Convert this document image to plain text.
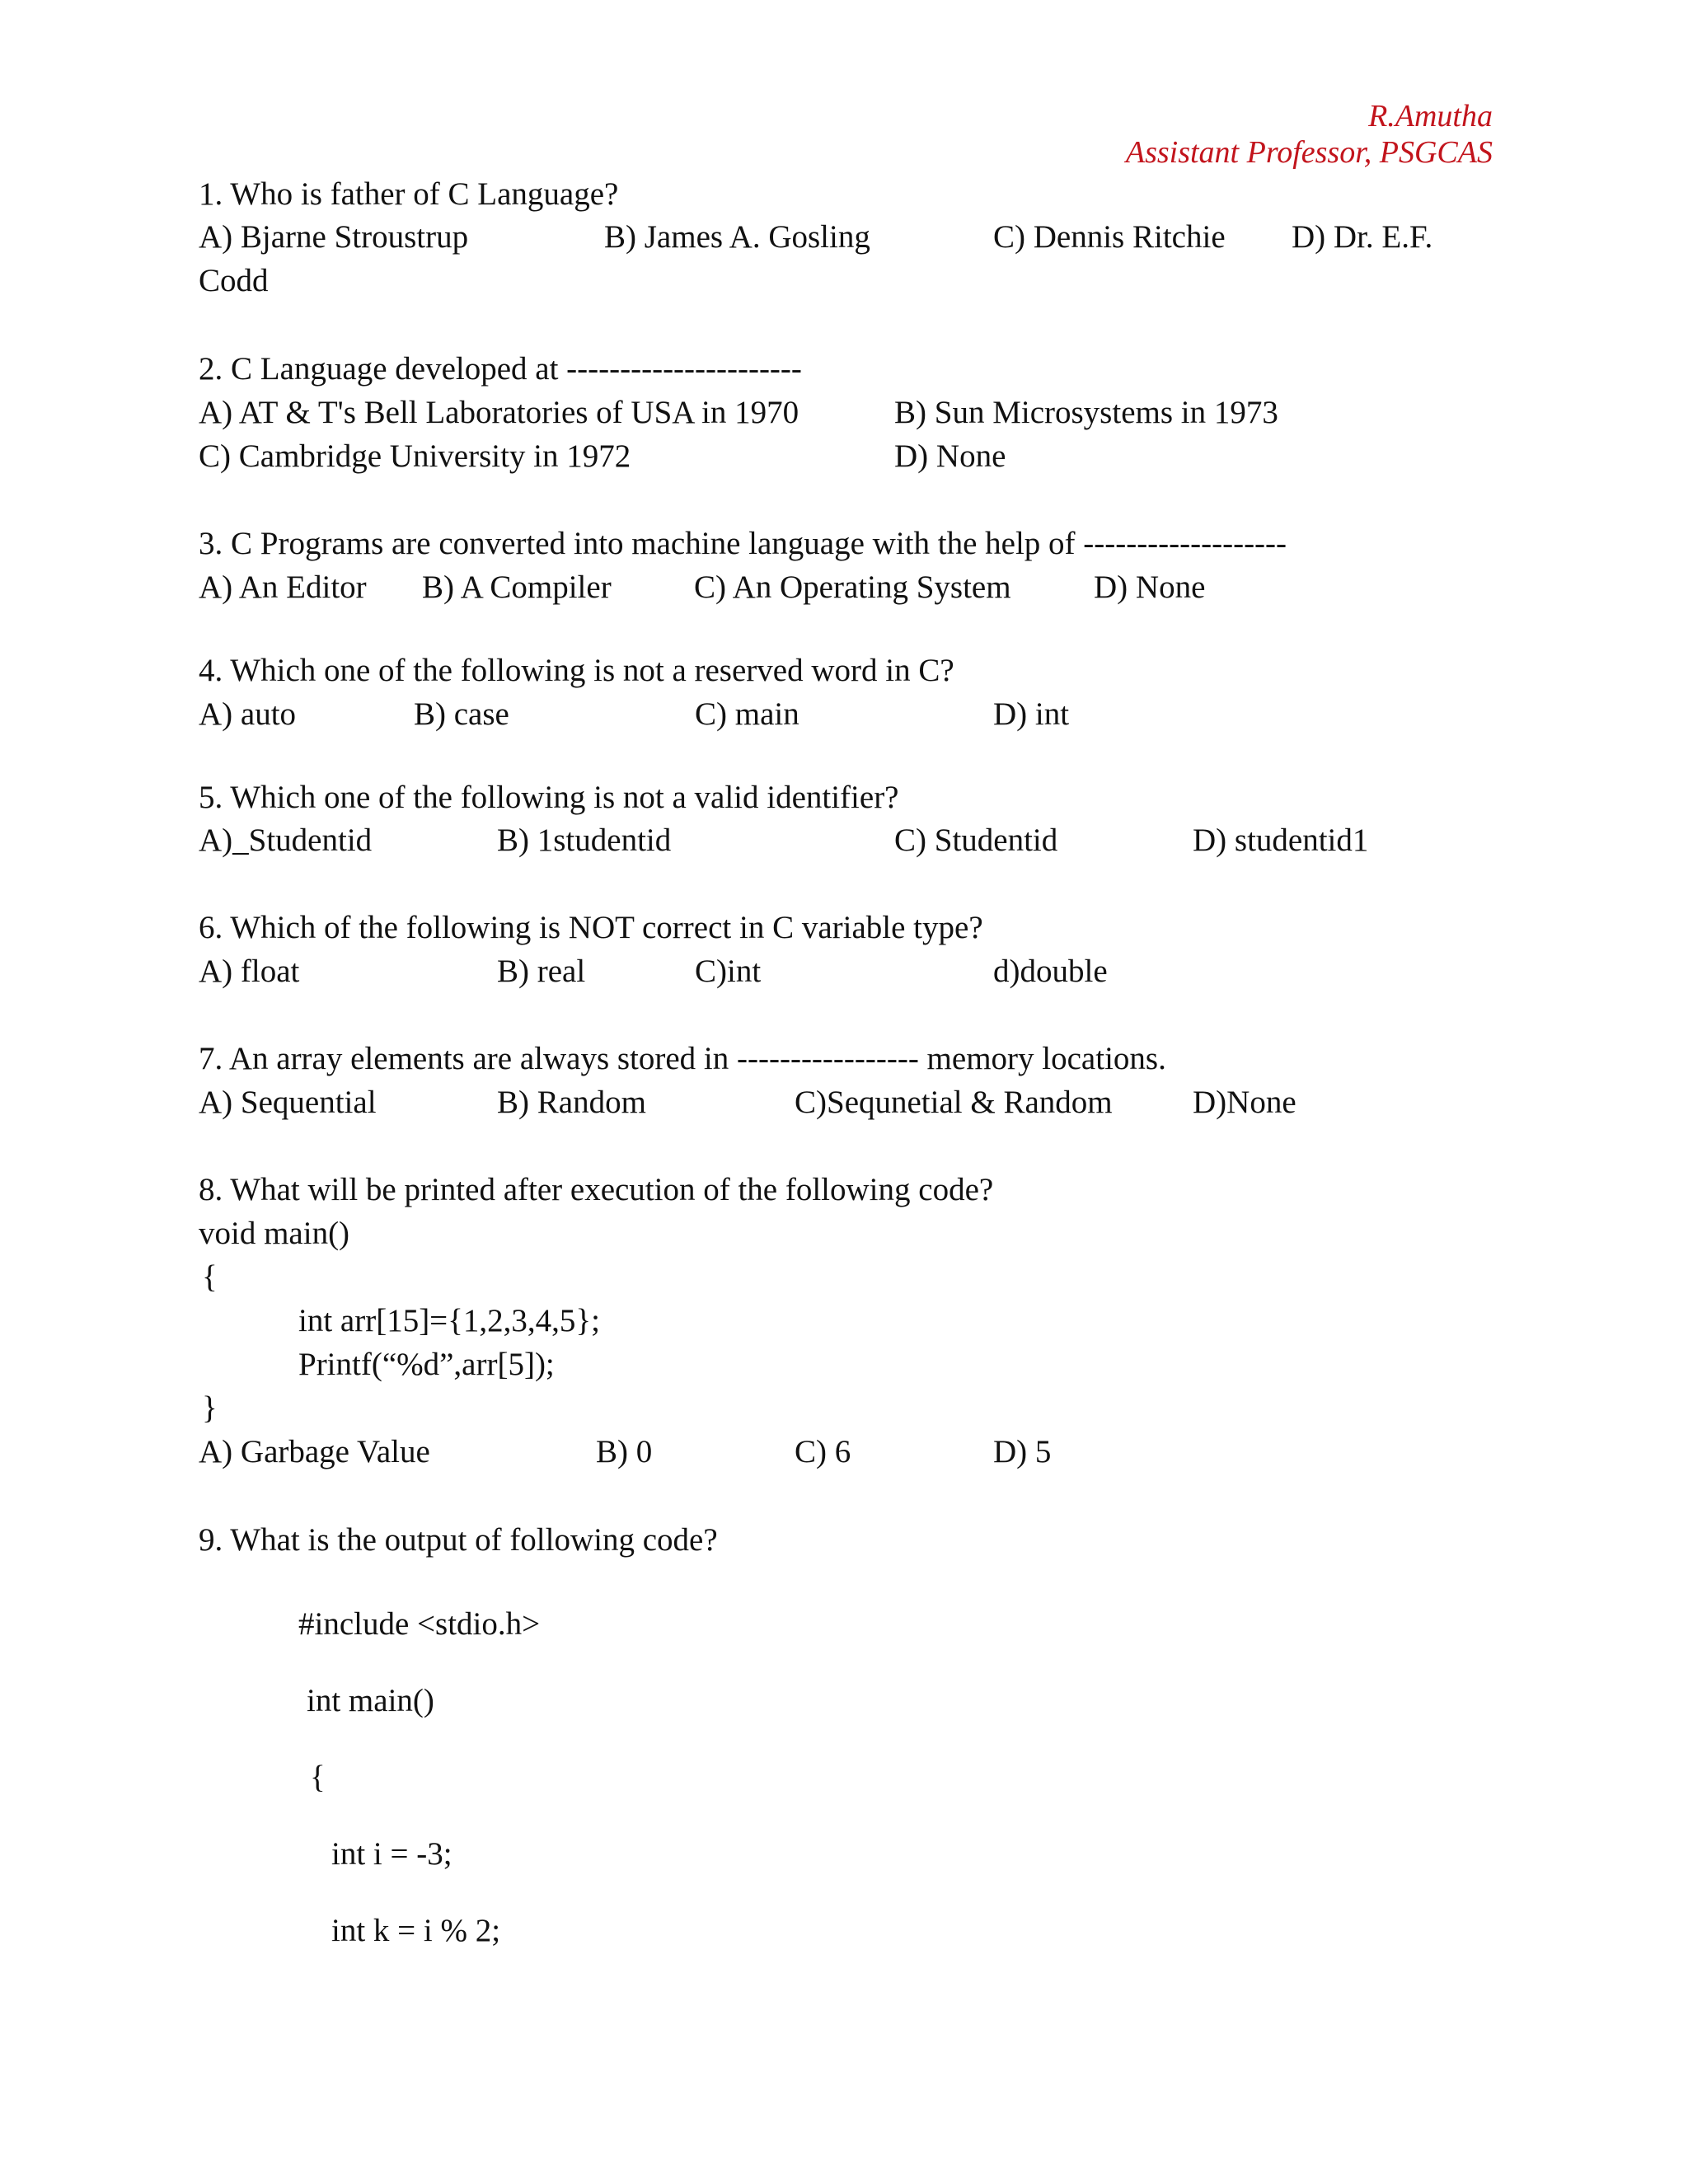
R.Amutha
Assistant Professor, PSGCAS
1. Who is father of C Language?
A) Bjarne Stroustrup	B) James A. Gosling	C) Dennis Ritchie D) Dr. E.F.
Codd
2. C Language developed at ----------------------
A) AT & T's Bell Laboratories of USA in 1970	B) Sun Microsystems in 1973
C) Cambridge University in 1972	D) None
3. C Programs are converted into machine language with the help of -------------------
A) An Editor B) A Compiler	C) An Operating System	D) None
4. Which one of the following is not a reserved word in C?
A) auto	B) case	C) main	D) int
5. Which one of the following is not a valid identifier?
A)_Studentid	B) 1studentid	C) Studentid	D) studentid1
6. Which of the following is NOT correct in C variable type?
A) float	B) real	C)int	d)double
7. An array elements are always stored in ----------------- memory locations.
A) Sequential	B) Random	C)Sequnetial & Random D)None
8. What will be printed after execution of the following code?
void main()
{
int arr[15]={1,2,3,4,5};
Printf(“%d”,arr[5]);
}
A) Garbage Value	B) 0	C) 6	D) 5
9. What is the output of following code?
#include <stdio.h>
int main()
{
int i = -3;
int k = i % 2;
